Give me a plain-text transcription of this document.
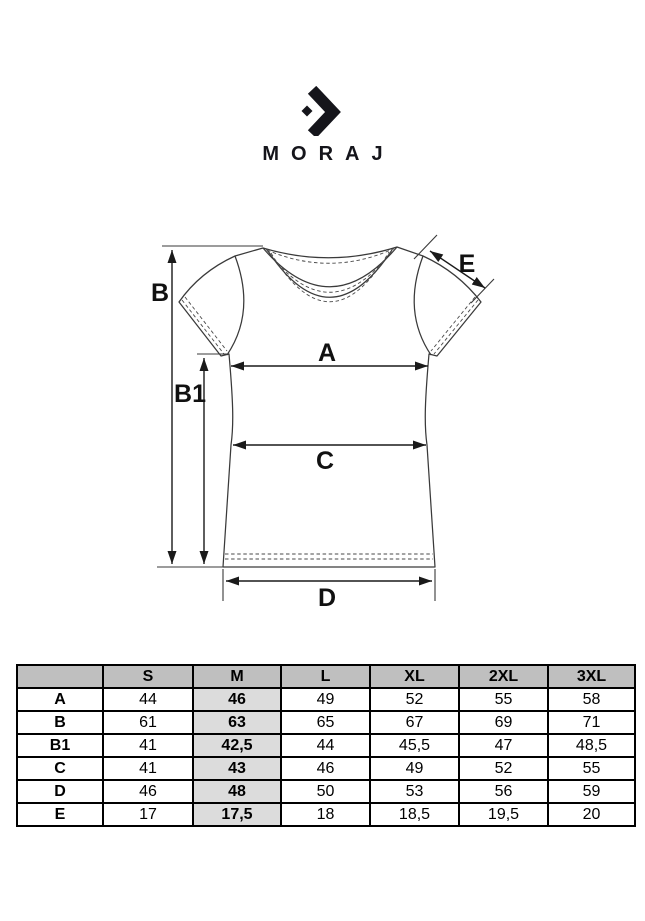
MORAJ
B
B1
A
C
D
E
	S	M	L	XL	2XL	3XL
A	44	46	49	52	55	58
B	61	63	65	67	69	71
B1	41	42,5	44	45,5	47	48,5
C	41	43	46	49	52	55
D	46	48	50	53	56	59
E	17	17,5	18	18,5	19,5	20
